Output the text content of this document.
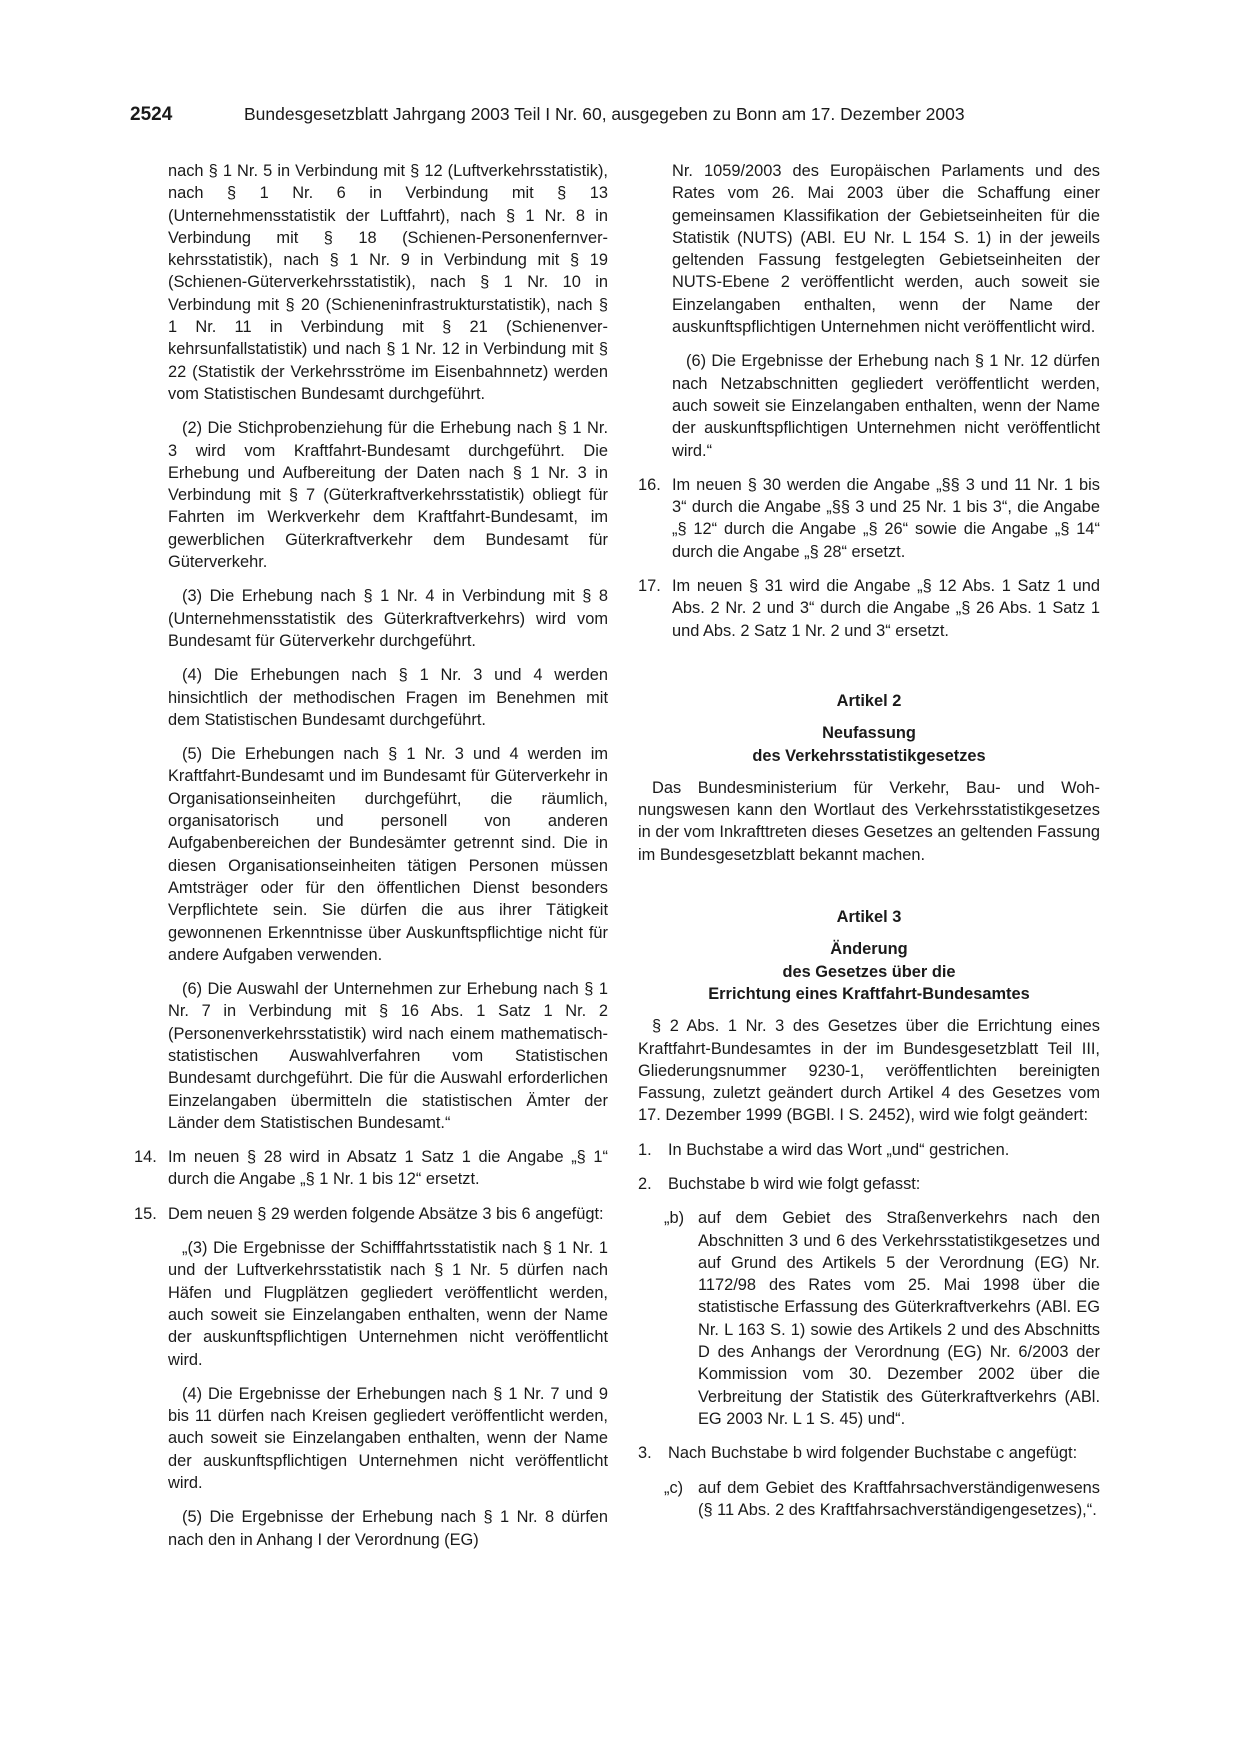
2524	Bundesgesetzblatt Jahrgang 2003 Teil I Nr. 60, ausgegeben zu Bonn am 17. Dezember 2003

nach § 1 Nr. 5 in Verbindung mit § 12 (Luftverkehrsstatistik), nach § 1 Nr. 6 in Verbindung mit § 13 (Unternehmensstatistik der Luftfahrt), nach § 1 Nr. 8 in Verbindung mit § 18 (Schienen-Personenfernverkehrsstatistik), nach § 1 Nr. 9 in Verbindung mit § 19 (Schienen-Güterverkehrsstatistik), nach § 1 Nr. 10 in Verbindung mit § 20 (Schieneninfrastrukturstatistik), nach § 1 Nr. 11 in Verbindung mit § 21 (Schienenverkehrsunfallstatistik) und nach § 1 Nr. 12 in Verbindung mit § 22 (Statistik der Verkehrsströme im Eisenbahnnetz) werden vom Statistischen Bundesamt durchgeführt.

(2) Die Stichprobenziehung für die Erhebung nach § 1 Nr. 3 wird vom Kraftfahrt-Bundesamt durchgeführt. Die Erhebung und Aufbereitung der Daten nach § 1 Nr. 3 in Verbindung mit § 7 (Güterkraftverkehrsstatistik) obliegt für Fahrten im Werkverkehr dem Kraftfahrt-Bundesamt, im gewerblichen Güterkraftverkehr dem Bundesamt für Güterverkehr.

(3) Die Erhebung nach § 1 Nr. 4 in Verbindung mit § 8 (Unternehmensstatistik des Güterkraftverkehrs) wird vom Bundesamt für Güterverkehr durchgeführt.

(4) Die Erhebungen nach § 1 Nr. 3 und 4 werden hinsichtlich der methodischen Fragen im Benehmen mit dem Statistischen Bundesamt durchgeführt.

(5) Die Erhebungen nach § 1 Nr. 3 und 4 werden im Kraftfahrt-Bundesamt und im Bundesamt für Güterverkehr in Organisationseinheiten durchgeführt, die räumlich, organisatorisch und personell von anderen Aufgabenbereichen der Bundesämter getrennt sind. Die in diesen Organisationseinheiten tätigen Personen müssen Amtsträger oder für den öffentlichen Dienst besonders Verpflichtete sein. Sie dürfen die aus ihrer Tätigkeit gewonnenen Erkenntnisse über Auskunftspflichtige nicht für andere Aufgaben verwenden.

(6) Die Auswahl der Unternehmen zur Erhebung nach § 1 Nr. 7 in Verbindung mit § 16 Abs. 1 Satz 1 Nr. 2 (Personenverkehrsstatistik) wird nach einem mathematisch-statistischen Auswahlverfahren vom Statistischen Bundesamt durchgeführt. Die für die Auswahl erforderlichen Einzelangaben übermitteln die statistischen Ämter der Länder dem Statistischen Bundesamt.“

14. Im neuen § 28 wird in Absatz 1 Satz 1 die Angabe „§ 1“ durch die Angabe „§ 1 Nr. 1 bis 12“ ersetzt.
15. Dem neuen § 29 werden folgende Absätze 3 bis 6 angefügt:

„(3) Die Ergebnisse der Schifffahrtsstatistik nach § 1 Nr. 1 und der Luftverkehrsstatistik nach § 1 Nr. 5 dürfen nach Häfen und Flugplätzen gegliedert veröffentlicht werden, auch soweit sie Einzelangaben enthalten, wenn der Name der auskunftspflichtigen Unternehmen nicht veröffentlicht wird.

(4) Die Ergebnisse der Erhebungen nach § 1 Nr. 7 und 9 bis 11 dürfen nach Kreisen gegliedert veröffentlicht werden, auch soweit sie Einzelangaben enthalten, wenn der Name der auskunftspflichtigen Unternehmen nicht veröffentlicht wird.

(5) Die Ergebnisse der Erhebung nach § 1 Nr. 8 dürfen nach den in Anhang I der Verordnung (EG)

Nr. 1059/2003 des Europäischen Parlaments und des Rates vom 26. Mai 2003 über die Schaffung einer gemeinsamen Klassifikation der Gebietseinheiten für die Statistik (NUTS) (ABl. EU Nr. L 154 S. 1) in der jeweils geltenden Fassung festgelegten Gebietseinheiten der NUTS-Ebene 2 veröffentlicht werden, auch soweit sie Einzelangaben enthalten, wenn der Name der auskunftspflichtigen Unternehmen nicht veröffentlicht wird.

(6) Die Ergebnisse der Erhebung nach § 1 Nr. 12 dürfen nach Netzabschnitten gegliedert veröffentlicht werden, auch soweit sie Einzelangaben enthalten, wenn der Name der auskunftspflichtigen Unternehmen nicht veröffentlicht wird.“

16. Im neuen § 30 werden die Angabe „§§ 3 und 11 Nr. 1 bis 3“ durch die Angabe „§§ 3 und 25 Nr. 1 bis 3“, die Angabe „§ 12“ durch die Angabe „§ 26“ sowie die Angabe „§ 14“ durch die Angabe „§ 28“ ersetzt.
17. Im neuen § 31 wird die Angabe „§ 12 Abs. 1 Satz 1 und Abs. 2 Nr. 2 und 3“ durch die Angabe „§ 26 Abs. 1 Satz 1 und Abs. 2 Satz 1 Nr. 2 und 3“ ersetzt.

Artikel 2

Neufassung

des Verkehrsstatistikgesetzes

Das Bundesministerium für Verkehr, Bau- und Wohnungswesen kann den Wortlaut des Verkehrsstatistikgesetzes in der vom Inkrafttreten dieses Gesetzes an geltenden Fassung im Bundesgesetzblatt bekannt machen.

Artikel 3

Änderung

des Gesetzes über die

Errichtung eines Kraftfahrt-Bundesamtes

§ 2 Abs. 1 Nr. 3 des Gesetzes über die Errichtung eines Kraftfahrt-Bundesamtes in der im Bundesgesetzblatt Teil III, Gliederungsnummer 9230-1, veröffentlichten bereinigten Fassung, zuletzt geändert durch Artikel 4 des Gesetzes vom 17. Dezember 1999 (BGBl. I S. 2452), wird wie folgt geändert:

1. In Buchstabe a wird das Wort „und“ gestrichen.
2. Buchstabe b wird wie folgt gefasst:
„b) auf dem Gebiet des Straßenverkehrs nach den Abschnitten 3 und 6 des Verkehrsstatistikgesetzes und auf Grund des Artikels 5 der Verordnung (EG) Nr. 1172/98 des Rates vom 25. Mai 1998 über die statistische Erfassung des Güterkraftverkehrs (ABl. EG Nr. L 163 S. 1) sowie des Artikels 2 und des Abschnitts D des Anhangs der Verordnung (EG) Nr. 6/2003 der Kommission vom 30. Dezember 2002 über die Verbreitung der Statistik des Güterkraftverkehrs (ABl. EG 2003 Nr. L 1 S. 45) und“.
3. Nach Buchstabe b wird folgender Buchstabe c angefügt:
„c) auf dem Gebiet des Kraftfahrsachverständigenwesens (§ 11 Abs. 2 des Kraftfahrsachverständigengesetzes),“.
